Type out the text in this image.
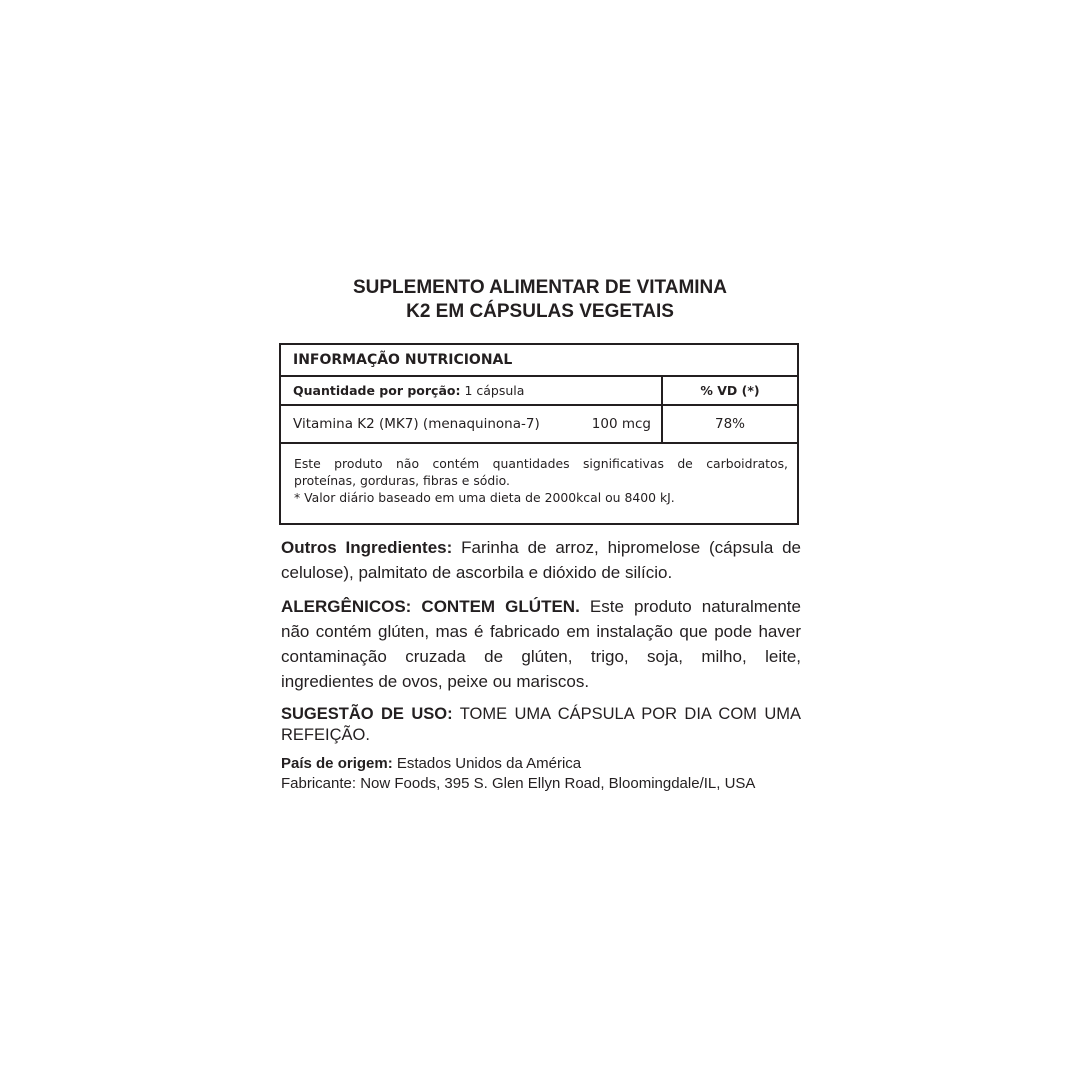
SUPLEMENTO ALIMENTAR DE VITAMINA
K2 EM CÁPSULAS VEGETAIS
INFORMAÇÃO NUTRICIONAL
Quantidade por porção: 1 cápsula	% VD (*)
Vitamina K2 (MK7) (menaquinona-7)	100 mcg	78%
Este produto não contém quantidades significativas de carboidratos,
proteínas, gorduras, fibras e sódio.
* Valor diário baseado em uma dieta de 2000kcal ou 8400 kJ.
Outros Ingredientes: Farinha de arroz, hipromelose (cápsula de celulose), palmitato de ascorbila e dióxido de silício.
ALERGÊNICOS: CONTEM GLÚTEN. Este produto naturalmente não contém glúten, mas é fabricado em instalação que pode haver contaminação cruzada de glúten, trigo, soja, milho, leite, ingredientes de ovos, peixe ou mariscos.
SUGESTÃO DE USO: TOME UMA CÁPSULA POR DIA COM UMA REFEIÇÃO.
País de origem: Estados Unidos da América
Fabricante: Now Foods, 395 S. Glen Ellyn Road, Bloomingdale/IL, USA
